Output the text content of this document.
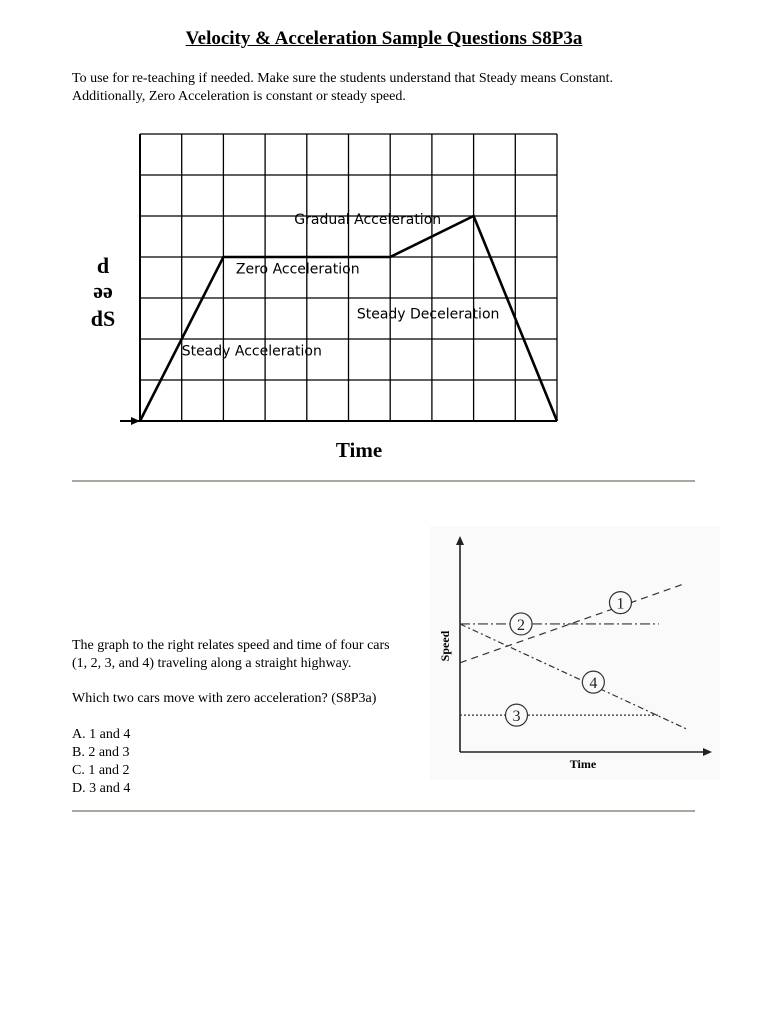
Velocity & Acceleration Sample Questions S8P3a
To use for re-teaching if needed. Make sure the students understand that Steady means Constant.
Additionally, Zero Acceleration is constant or steady speed.
Steady Acceleration
Zero Acceleration
Gradual Acceleration
Steady Deceleration
d
əə
dS
Time
The graph to the right relates speed and time of four cars
(1, 2, 3, and 4) traveling along a straight highway.
Which two cars move with zero acceleration? (S8P3a)
A. 1 and 4
B. 2 and 3
C. 1 and 2
D. 3 and 4
1
2
3
4
Time
Speed
